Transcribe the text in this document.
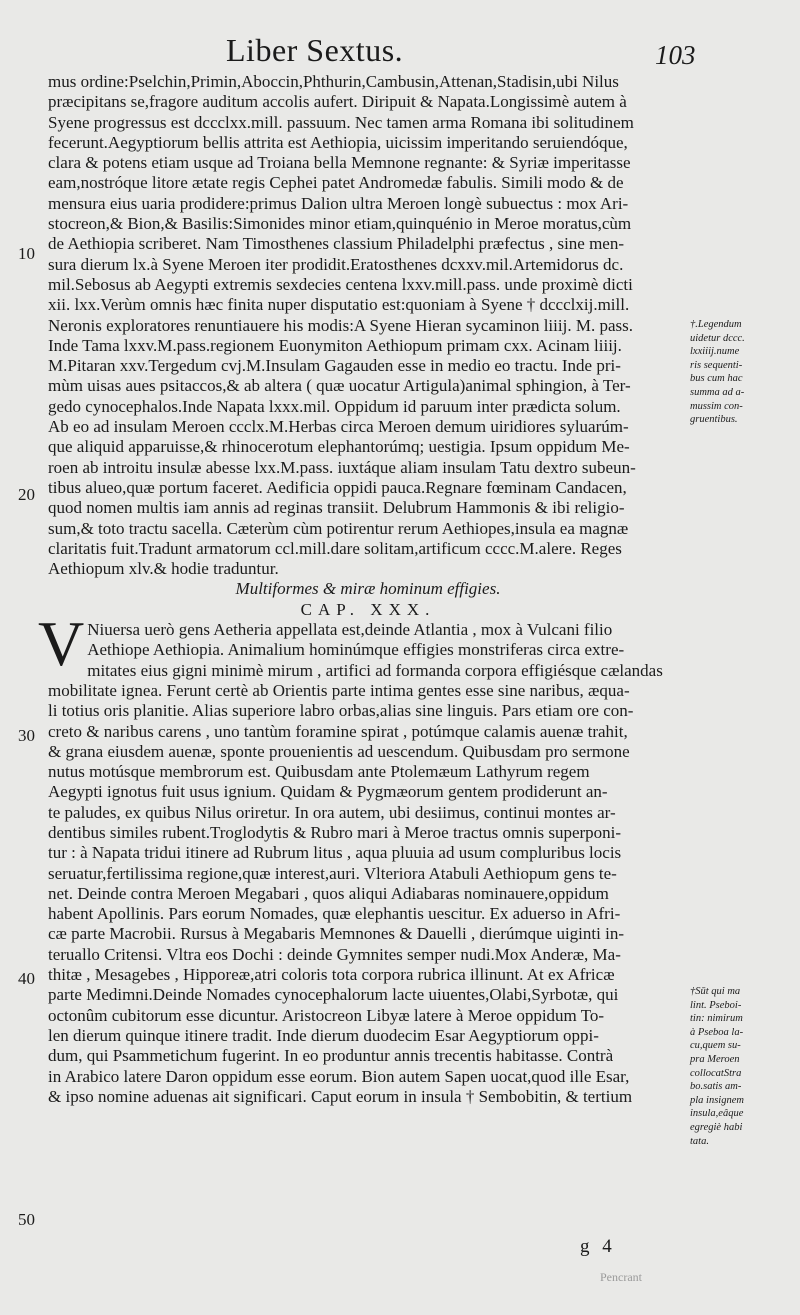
Liber Sextus.	103
10
20
30
40
50
mus ordine:Pselchin,Primin,Aboccin,Phthurin,Cambusin,Attenan,Stadisin,ubi Nilus
præcipitans se,fragore auditum accolis aufert. Diripuit & Napata.Longissimè autem à
Syene progressus est dccclxx.mill. passuum. Nec tamen arma Romana ibi solitudinem
fecerunt.Aegyptiorum bellis attrita est Aethiopia, uicissim imperitando seruiendóque,
clara & potens etiam usque ad Troiana bella Memnone regnante: & Syriæ imperitasse
eam,nostróque litore ætate regis Cephei patet Andromedæ fabulis. Simili modo & de
mensura eius uaria prodidere:primus Dalion ultra Meroen longè subuectus : mox Ari-
stocreon,& Bion,& Basilis:Simonides minor etiam,quinquénio in Meroe moratus,cùm
de Aethiopia scriberet. Nam Timosthenes classium Philadelphi præfectus , sine men-
sura dierum lx.à Syene Meroen iter prodidit.Eratosthenes dcxxv.mil.Artemidorus dc.
mil.Sebosus ab Aegypti extremis sexdecies centena lxxv.mill.pass. unde proximè dicti
xii. lxx.Verùm omnis hæc finita nuper disputatio est:quoniam à Syene † dccclxij.mill.
Neronis exploratores renuntiauere his modis:A Syene Hieran sycaminon liiij. M. pass.
Inde Tama lxxv.M.pass.regionem Euonymiton Aethiopum primam cxx. Acinam liiij.
M.Pitaran xxv.Tergedum cvj.M.Insulam Gagauden esse in medio eo tractu. Inde pri-
mùm uisas aues psitaccos,& ab altera ( quæ uocatur Artigula)animal sphingion, à Ter-
gedo cynocephalos.Inde Napata lxxx.mil. Oppidum id paruum inter prædicta solum.
Ab eo ad insulam Meroen ccclx.M.Herbas circa Meroen demum uiridiores syluarúm-
que aliquid apparuisse,& rhinocerotum elephantorúmq; uestigia. Ipsum oppidum Me-
roen ab introitu insulæ abesse lxx.M.pass. iuxtáque aliam insulam Tatu dextro subeun-
tibus alueo,quæ portum faceret. Aedificia oppidi pauca.Regnare fœminam Candacen,
quod nomen multis iam annis ad reginas transiit. Delubrum Hammonis & ibi religio-
sum,& toto tractu sacella. Cæterùm cùm potirentur rerum Aethiopes,insula ea magnæ
claritatis fuit.Tradunt armatorum ccl.mill.dare solitam,artificum cccc.M.alere. Reges
Aethiopum xlv.& hodie traduntur.
Multiformes & miræ hominum effigies.
CAP. XXX.
V Niuersa uerò gens Aetheria appellata est,deinde Atlantia , mox à Vulcani filio
Aethiope Aethiopia. Animalium hominúmque effigies monstriferas circa extre-
mitates eius gigni minimè mirum , artifici ad formanda corpora effigiésque cælandas
mobilitate ignea. Ferunt certè ab Orientis parte intima gentes esse sine naribus, æqua-
li totius oris planitie. Alias superiore labro orbas,alias sine linguis. Pars etiam ore con-
creto & naribus carens , uno tantùm foramine spirat , potúmque calamis auenæ trahit,
& grana eiusdem auenæ, sponte prouenientis ad uescendum. Quibusdam pro sermone
nutus motúsque membrorum est. Quibusdam ante Ptolemæum Lathyrum regem
Aegypti ignotus fuit usus ignium. Quidam & Pygmæorum gentem prodiderunt an-
te paludes, ex quibus Nilus oriretur. In ora autem, ubi desiimus, continui montes ar-
dentibus similes rubent.Troglodytis & Rubro mari à Meroe tractus omnis superponi-
tur : à Napata tridui itinere ad Rubrum litus , aqua pluuia ad usum compluribus locis
seruatur,fertilissima regione,quæ interest,auri. Vlteriora Atabuli Aethiopum gens te-
net. Deinde contra Meroen Megabari , quos aliqui Adiabaras nominauere,oppidum
habent Apollinis. Pars eorum Nomades, quæ elephantis uescitur. Ex aduerso in Afri-
cæ parte Macrobii. Rursus à Megabaris Memnones & Dauelli , dierúmque uiginti in-
teruallo Critensi. Vltra eos Dochi : deinde Gymnites semper nudi.Mox Anderæ, Ma-
thitæ , Mesagebes , Hipporeæ,atri coloris tota corpora rubrica illinunt. At ex Africæ
parte Medimni.Deinde Nomades cynocephalorum lacte uiuentes,Olabi,Syrbotæ, qui
octonûm cubitorum esse dicuntur. Aristocreon Libyæ latere à Meroe oppidum To-
len dierum quinque itinere tradit. Inde dierum duodecim Esar Aegyptiorum oppi-
dum, qui Psammetichum fugerint. In eo produntur annis trecentis habitasse. Contrà
in Arabico latere Daron oppidum esse eorum. Bion autem Sapen uocat,quod ille Esar,
& ipso nomine aduenas ait significari. Caput eorum in insula † Sembobitin, & tertium
†.Legendum
uidetur dccc.
lxxiiij.nume
ris sequenti-
bus cum hac
summa ad a-
mussim con-
gruentibus.
†Sūt qui ma
lint. Pseboi-
tin: nimirum
à Pseboa la-
cu,quem su-
pra Meroen
collocatStra
bo.satis am-
pla insignem
insula,eâque
egregiè habi
tata.
g 4
Pencrant
